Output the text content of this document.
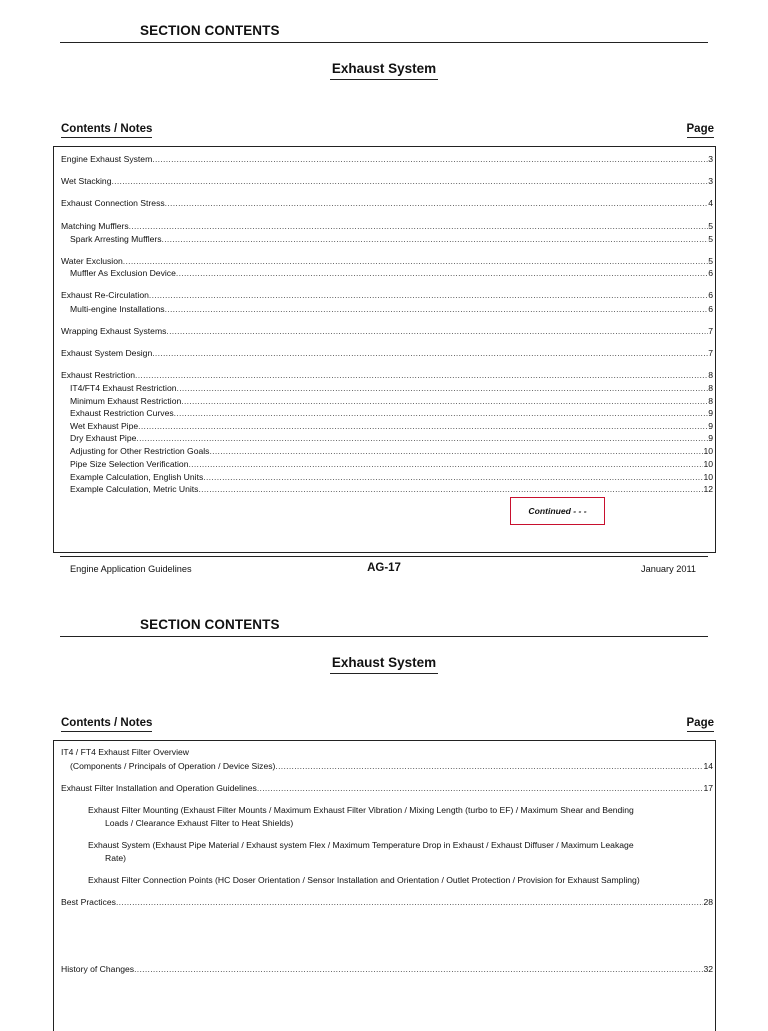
SECTION CONTENTS
Exhaust System
Contents / Notes	Page
Engine Exhaust System .....	3
Wet Stacking .....	3
Exhaust Connection Stress .....	4
Matching Mufflers .....	5
Spark Arresting Mufflers .....	5
Water Exclusion .....	5
Muffler As Exclusion Device .....	6
Exhaust Re-Circulation .....	6
Multi-engine Installations .....	6
Wrapping Exhaust Systems .....	7
Exhaust System Design .....	7
Exhaust Restriction .....	8
IT4/FT4 Exhaust Restriction .....	8
Minimum Exhaust Restriction .....	8
Exhaust Restriction Curves .....	9
Wet Exhaust Pipe .....	9
Dry Exhaust Pipe .....	9
Adjusting for Other Restriction Goals .....	10
Pipe Size Selection Verification .....	10
Example Calculation, English Units .....	10
Example Calculation, Metric Units .....	12
Continued - - -
Engine Application Guidelines	AG-17	January 2011
SECTION CONTENTS
Exhaust System
Contents / Notes	Page
IT4 / FT4 Exhaust Filter Overview
(Components / Principals of Operation / Device Sizes) .....	14
Exhaust Filter Installation and Operation Guidelines .....	17
Exhaust Filter Mounting (Exhaust Filter Mounts / Maximum Exhaust Filter Vibration / Mixing Length (turbo to EF) / Maximum Shear and Bending
Loads / Clearance Exhaust Filter to Heat Shields)
Exhaust System (Exhaust Pipe Material / Exhaust system Flex / Maximum Temperature Drop in Exhaust / Exhaust Diffuser / Maximum Leakage
Rate)
Exhaust Filter Connection Points (HC Doser Orientation / Sensor Installation and Orientation / Outlet Protection / Provision for Exhaust Sampling)
Best Practices .....	28
History of Changes .....	32
